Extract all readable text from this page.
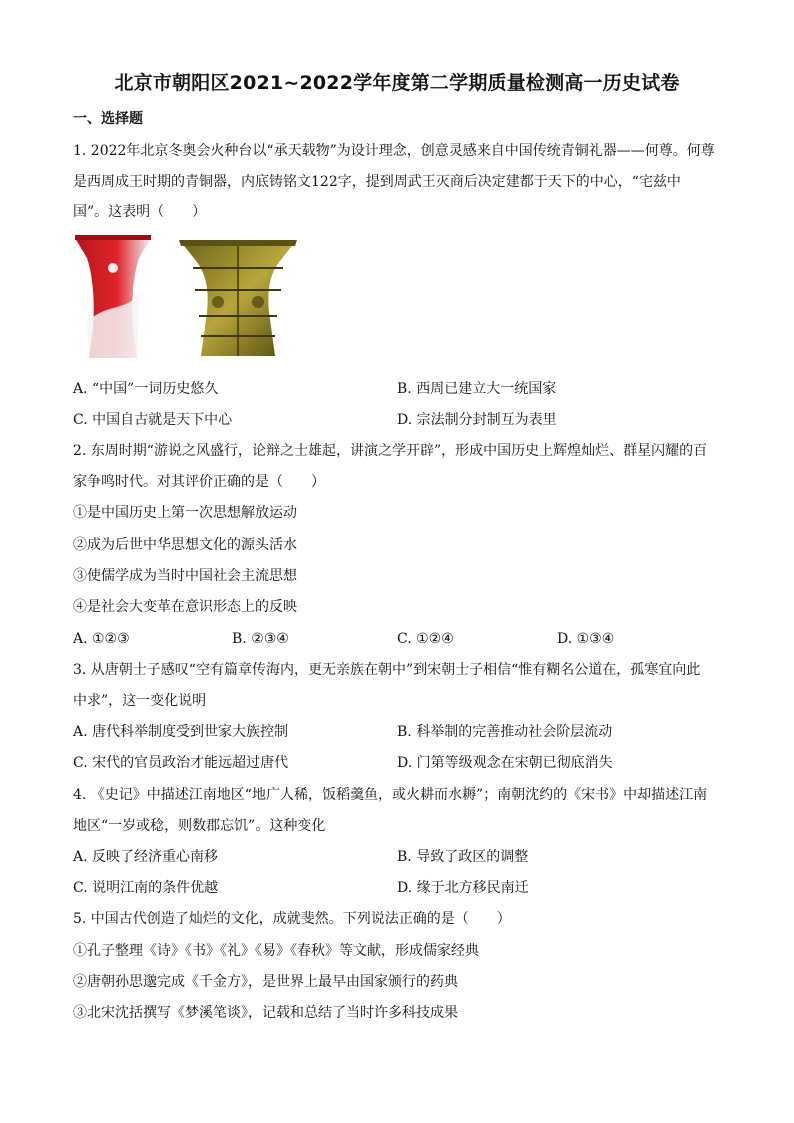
北京市朝阳区2021~2022学年度第二学期质量检测高一历史试卷
一、选择题
1. 2022年北京冬奥会火种台以“承天载物”为设计理念，创意灵感来自中国传统青铜礼器——何尊。何尊
是西周成王时期的青铜器，内底铸铭文122字，提到周武王灭商后决定建都于天下的中心，“宅兹中
国”。这表明（　　）
A. “中国”一词历史悠久	B. 西周已建立大一统国家
C. 中国自古就是天下中心	D. 宗法制分封制互为表里
2. 东周时期“游说之风盛行，论辩之士雄起，讲演之学开辟”，形成中国历史上辉煌灿烂、群星闪耀的百
家争鸣时代。对其评价正确的是（　　）
①是中国历史上第一次思想解放运动
②成为后世中华思想文化的源头活水
③使儒学成为当时中国社会主流思想
④是社会大变革在意识形态上的反映
A. ①②③	B. ②③④	C. ①②④	D. ①③④
3. 从唐朝士子感叹“空有篇章传海内，更无亲族在朝中”到宋朝士子相信“惟有糊名公道在，孤寒宜向此
中求”，这一变化说明
A. 唐代科举制度受到世家大族控制	B. 科举制的完善推动社会阶层流动
C. 宋代的官员政治才能远超过唐代	D. 门第等级观念在宋朝已彻底消失
4. 《史记》中描述江南地区“地广人稀，饭稻羹鱼，或火耕而水耨”；南朝沈约的《宋书》中却描述江南
地区“一岁或稔，则数郡忘饥”。这种变化
A. 反映了经济重心南移	B. 导致了政区的调整
C. 说明江南的条件优越	D. 缘于北方移民南迁
5. 中国古代创造了灿烂的文化，成就斐然。下列说法正确的是（　　）
①孔子整理《诗》《书》《礼》《易》《春秋》等文献，形成儒家经典
②唐朝孙思邈完成《千金方》，是世界上最早由国家颁行的药典
③北宋沈括撰写《梦溪笔谈》，记载和总结了当时许多科技成果
